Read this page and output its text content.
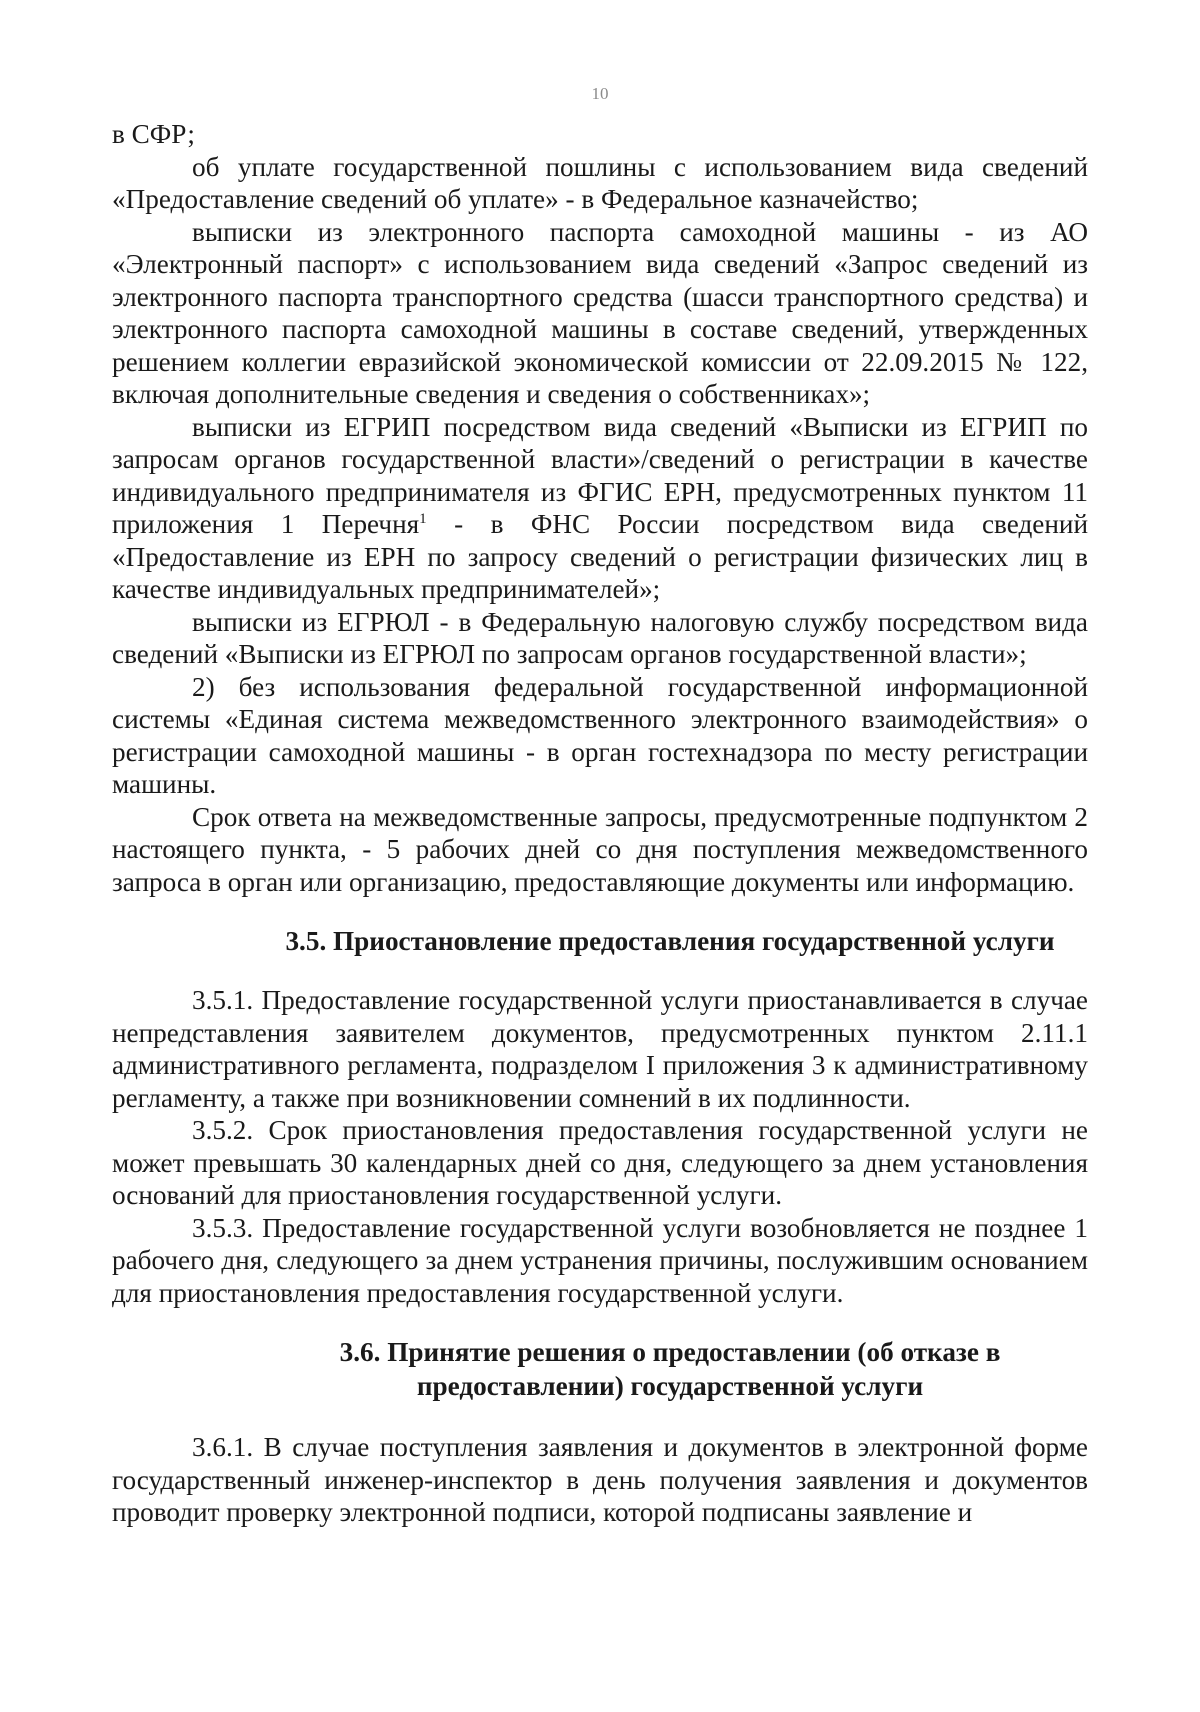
10

в СФР;

об уплате государственной пошлины с использованием вида сведений «Предоставление сведений об уплате» - в Федеральное казначейство;

выписки из электронного паспорта самоходной машины - из АО «Электронный паспорт» с использованием вида сведений «Запрос сведений из электронного паспорта транспортного средства (шасси транспортного средства) и электронного паспорта самоходной машины в составе сведений, утвержденных решением коллегии евразийской экономической комиссии от 22.09.2015 № 122, включая дополнительные сведения и сведения о собственниках»;

выписки из ЕГРИП посредством вида сведений «Выписки из ЕГРИП по запросам органов государственной власти»/сведений о регистрации в качестве индивидуального предпринимателя из ФГИС ЕРН, предусмотренных пунктом 11 приложения 1 Перечня$^1$ - в ФНС России посредством вида сведений «Предоставление из ЕРН по запросу сведений о регистрации физических лиц в качестве индивидуальных предпринимателей»;

выписки из ЕГРЮЛ - в Федеральную налоговую службу посредством вида сведений «Выписки из ЕГРЮЛ по запросам органов государственной власти»;

2) без использования федеральной государственной информационной системы «Единая система межведомственного электронного взаимодействия» о регистрации самоходной машины - в орган гостехнадзора по месту регистрации машины.

Срок ответа на межведомственные запросы, предусмотренные подпунктом 2 настоящего пункта, - 5 рабочих дней со дня поступления межведомственного запроса в орган или организацию, предоставляющие документы или информацию.

3.5. Приостановление предоставления государственной услуги

3.5.1. Предоставление государственной услуги приостанавливается в случае непредставления заявителем документов, предусмотренных пунктом 2.11.1 административного регламента, подразделом I приложения 3 к административному регламенту, а также при возникновении сомнений в их подлинности.

3.5.2. Срок приостановления предоставления государственной услуги не может превышать 30 календарных дней со дня, следующего за днем установления оснований для приостановления государственной услуги.

3.5.3. Предоставление государственной услуги возобновляется не позднее 1 рабочего дня, следующего за днем устранения причины, послужившим основанием для приостановления предоставления государственной услуги.

3.6. Принятие решения о предоставлении (об отказе в
предоставлении) государственной услуги

3.6.1. В случае поступления заявления и документов в электронной форме государственный инженер-инспектор в день получения заявления и документов проводит проверку электронной подписи, которой подписаны заявление и
